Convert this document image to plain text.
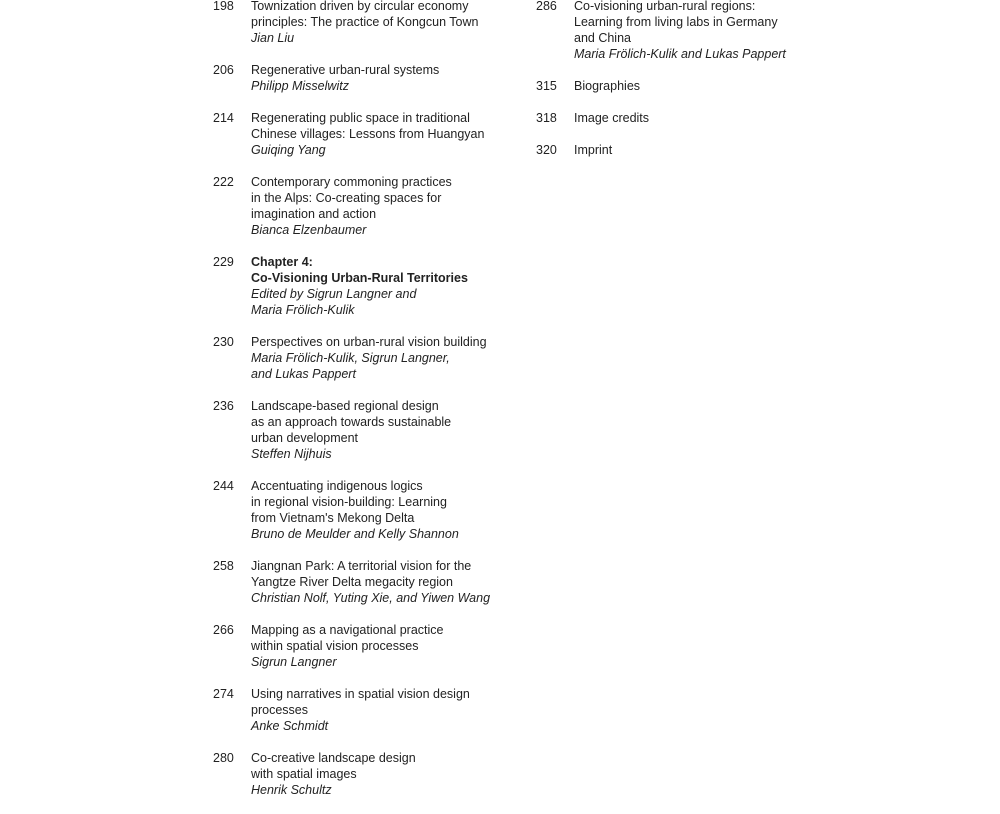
198	Townization driven by circular economy
principles: The practice of Kongcun Town
Jian Liu
206	Regenerative urban-rural systems
Philipp Misselwitz
214	Regenerating public space in traditional
Chinese villages: Lessons from Huangyan
Guiqing Yang
222	Contemporary commoning practices
in the Alps: Co-creating spaces for
imagination and action
Bianca Elzenbaumer
229	Chapter 4:
Co-Visioning Urban-Rural Territories
Edited by Sigrun Langner and
Maria Frölich-Kulik
230	Perspectives on urban-rural vision building
Maria Frölich-Kulik, Sigrun Langner,
and Lukas Pappert
236	Landscape-based regional design
as an approach towards sustainable
urban development
Steffen Nijhuis
244	Accentuating indigenous logics
in regional vision-building: Learning
from Vietnam's Mekong Delta
Bruno de Meulder and Kelly Shannon
258	Jiangnan Park: A territorial vision for the
Yangtze River Delta megacity region
Christian Nolf, Yuting Xie, and Yiwen Wang
266	Mapping as a navigational practice
within spatial vision processes
Sigrun Langner
274	Using narratives in spatial vision design
processes
Anke Schmidt
280	Co-creative landscape design
with spatial images
Henrik Schultz
286	Co-visioning urban-rural regions:
Learning from living labs in Germany
and China
Maria Frölich-Kulik and Lukas Pappert
315	Biographies
318	Image credits
320	Imprint
